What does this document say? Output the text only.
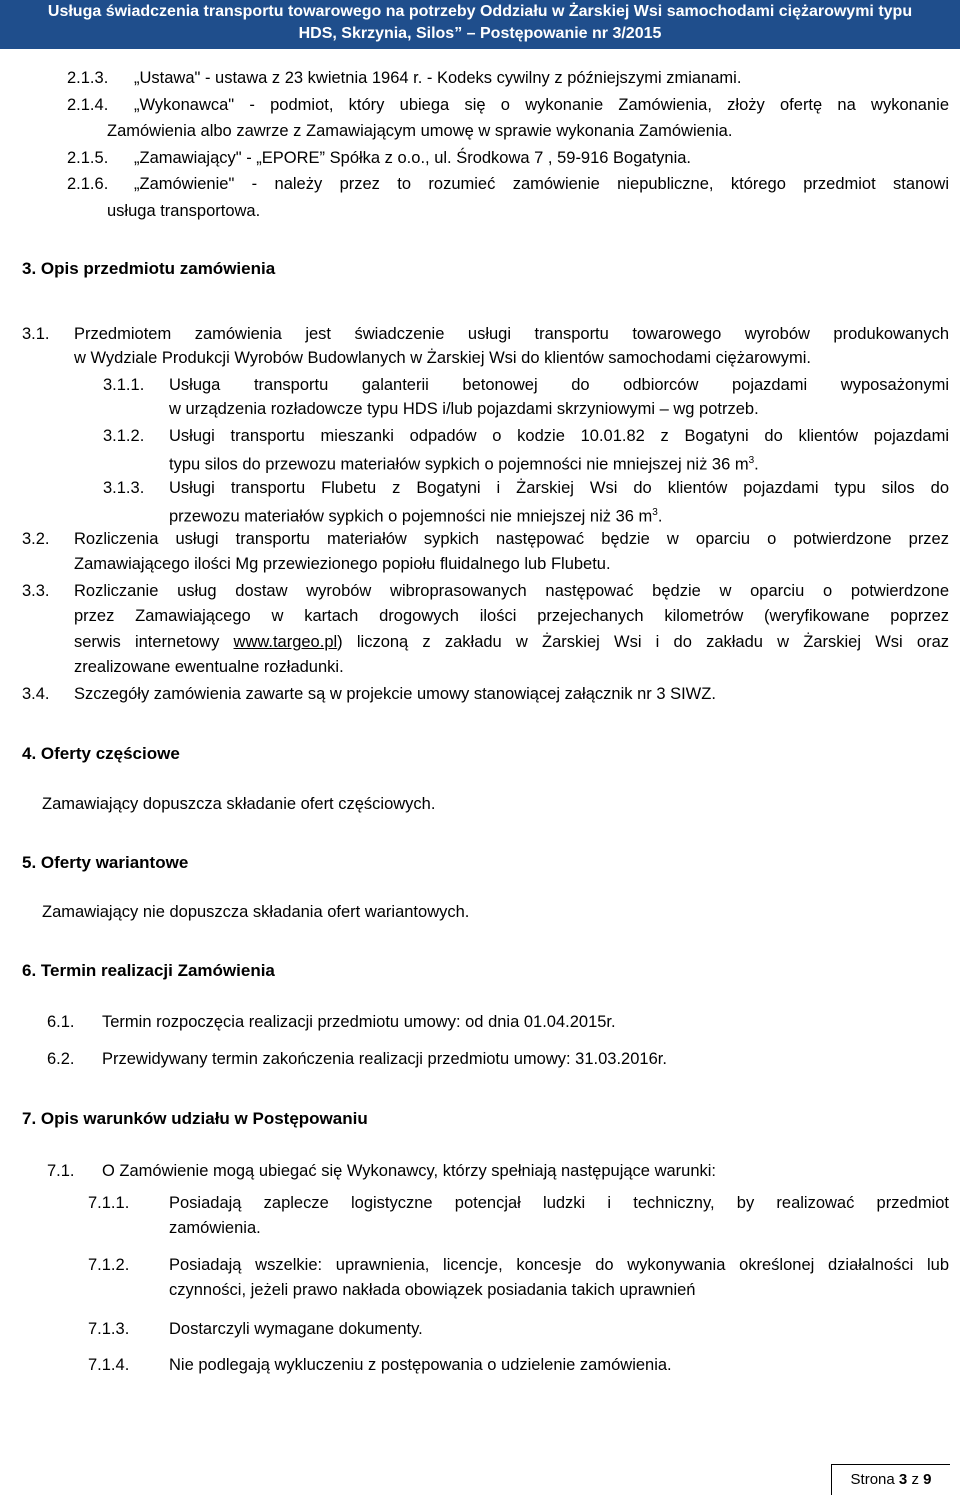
Usługa świadczenia transportu towarowego na potrzeby Oddziału w Żarskiej Wsi samochodami ciężarowymi typu
HDS, Skrzynia, Silos” – Postępowanie nr 3/2015
2.1.3. „Ustawa" - ustawa z 23 kwietnia 1964 r. - Kodeks cywilny z późniejszymi zmianami.
2.1.4. „Wykonawca" - podmiot, który ubiega się o wykonanie Zamówienia, złoży ofertę na wykonanie
Zamówienia albo zawrze z Zamawiającym umowę w sprawie wykonania Zamówienia.
2.1.5. „Zamawiający" - „EPORE” Spółka z o.o., ul. Środkowa 7 , 59-916 Bogatynia.
2.1.6. „Zamówienie" - należy przez to rozumieć zamówienie niepubliczne, którego przedmiot stanowi
usługa transportowa.
3. Opis przedmiotu zamówienia
3.1. Przedmiotem zamówienia jest świadczenie usługi transportu towarowego wyrobów produkowanych
w Wydziale Produkcji Wyrobów Budowlanych w Żarskiej Wsi do klientów samochodami ciężarowymi.
3.1.1. Usługa transportu galanterii betonowej do odbiorców pojazdami wyposażonymi
w urządzenia rozładowcze typu HDS i/lub pojazdami skrzyniowymi – wg potrzeb.
3.1.2. Usługi transportu mieszanki odpadów o kodzie 10.01.82 z Bogatyni do klientów pojazdami
typu silos do przewozu materiałów sypkich o pojemności nie mniejszej niż 36 $m^3$.
3.1.3. Usługi transportu Flubetu z Bogatyni i Żarskiej Wsi do klientów pojazdami typu silos do
przewozu materiałów sypkich o pojemności nie mniejszej niż 36 $m^3$.
3.2. Rozliczenia usługi transportu materiałów sypkich następować będzie w oparciu o potwierdzone przez
Zamawiającego ilości Mg przewiezionego popiołu fluidalnego lub Flubetu.
3.3. Rozliczanie usług dostaw wyrobów wibroprasowanych następować będzie w oparciu o potwierdzone
przez Zamawiającego w kartach drogowych ilości przejechanych kilometrów (weryfikowane poprzez
serwis internetowy www.targeo.pl) liczoną z zakładu w Żarskiej Wsi i do zakładu w Żarskiej Wsi oraz
zrealizowane ewentualne rozładunki.
3.4. Szczegóły zamówienia zawarte są w projekcie umowy stanowiącej załącznik nr 3 SIWZ.
4. Oferty częściowe
Zamawiający dopuszcza składanie ofert częściowych.
5. Oferty wariantowe
Zamawiający nie dopuszcza składania ofert wariantowych.
6. Termin realizacji Zamówienia
6.1. Termin rozpoczęcia realizacji przedmiotu umowy: od dnia 01.04.2015r.
6.2. Przewidywany termin zakończenia realizacji przedmiotu umowy: 31.03.2016r.
7. Opis warunków udziału w Postępowaniu
7.1. O Zamówienie mogą ubiegać się Wykonawcy, którzy spełniają następujące warunki:
7.1.1. Posiadają zaplecze logistyczne potencjał ludzki i techniczny, by realizować przedmiot
zamówienia.
7.1.2. Posiadają wszelkie: uprawnienia, licencje, koncesje do wykonywania określonej działalności lub
czynności, jeżeli prawo nakłada obowiązek posiadania takich uprawnień
7.1.3. Dostarczyli wymagane dokumenty.
7.1.4. Nie podlegają wykluczeniu z postępowania o udzielenie zamówienia.
Strona 3 z 9
